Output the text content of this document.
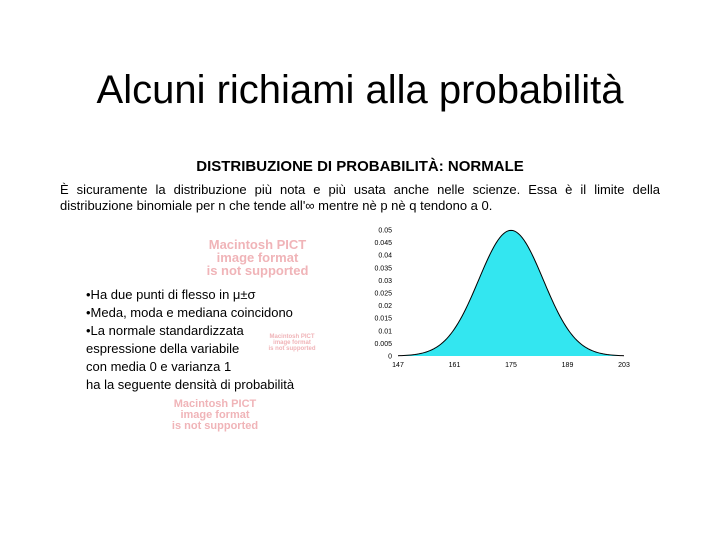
Alcuni richiami alla probabilità
DISTRIBUZIONE DI PROBABILITÀ: NORMALE
È sicuramente la distribuzione più nota e più usata anche nelle scienze. Essa è il limite della distribuzione binomiale per n che tende all'∞ mentre nè p nè q tendono a 0.
Macintosh PICT
image format
is not supported
•Ha due punti di flesso in μ±σ
•Meda, moda e mediana coincidono
•La normale standardizzata
espressione della variabile
con media 0 e varianza 1
ha la seguente densità di probabilità
Macintosh PICT
image format
is not supported
Macintosh PICT
image format
is not supported
0
0.005
0.01
0.015
0.02
0.025
0.03
0.035
0.04
0.045
0.05
147	161	175	189	203
